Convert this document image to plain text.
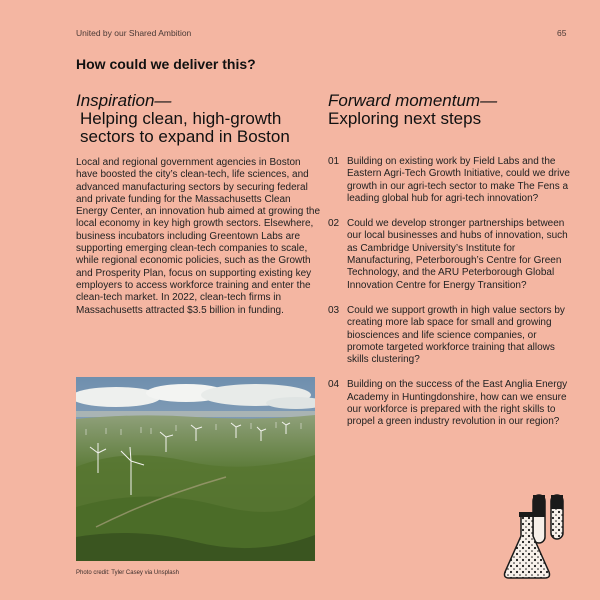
United by our Shared Ambition	65
How could we deliver this?
Inspiration—
Helping clean, high-growth sectors to expand in Boston

Local and regional government agencies in Boston have boosted the city’s clean-tech, life sciences, and advanced manufacturing sectors by securing federal and private funding for the Massachusetts Clean Energy Center, an innovation hub aimed at growing the local economy in key high growth sectors. Elsewhere, business incubators including Greentown Labs are supporting emerging clean-tech companies to scale, while regional economic policies, such as the Growth and Prosperity Plan, focus on supporting existing key employers to access workforce training and enter the clean-tech market. In 2022, clean-tech firms in Massachusetts attracted $3.5 billion in funding.

Photo credit: Tyler Casey via Unsplash
Forward momentum—
Exploring next steps
01 Building on existing work by Field Labs and the Eastern Agri-Tech Growth Initiative, could we drive growth in our agri-tech sector to make The Fens a leading global hub for agri-tech innovation?
02 Could we develop stronger partnerships between our local businesses and hubs of innovation, such as Cambridge University’s Institute for Manufacturing, Peterborough’s Centre for Green Technology, and the ARU Peterborough Global Innovation Centre for Energy Transition?
03 Could we support growth in high value sectors by creating more lab space for small and growing biosciences and life science companies, or promote targeted workforce training that allows skills clustering?
04 Building on the success of the East Anglia Energy Academy in Huntingdonshire, how can we ensure our workforce is prepared with the right skills to propel a green industry revolution in our region?
